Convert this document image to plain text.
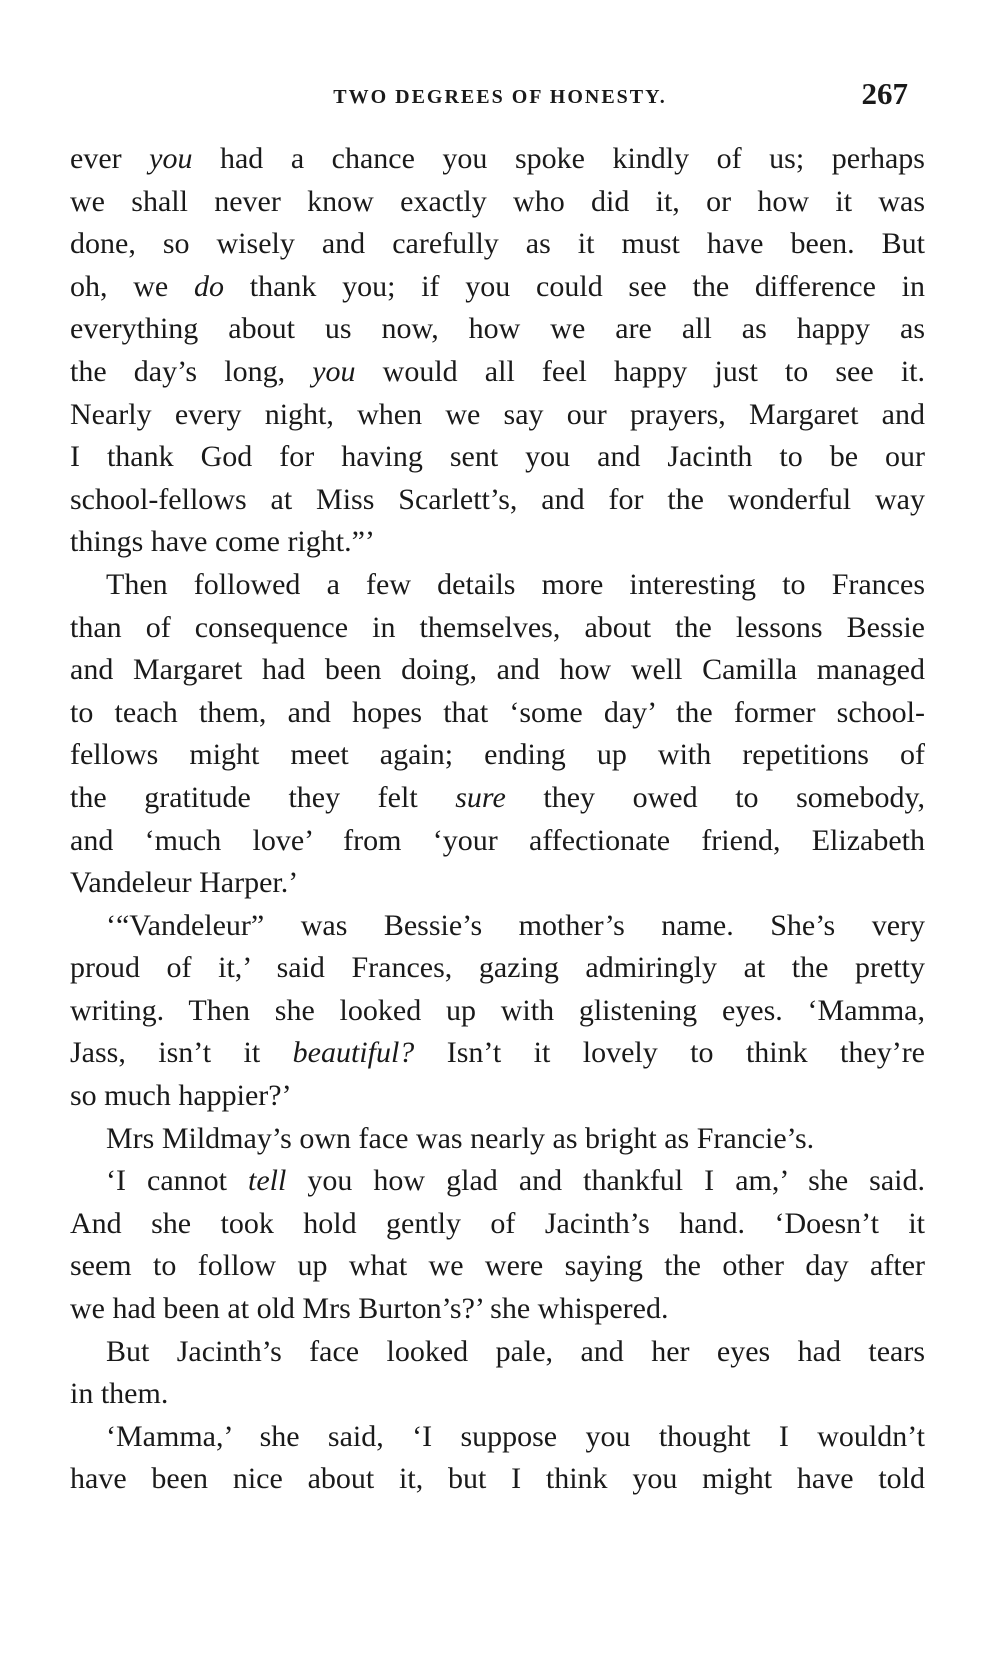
TWO DEGREES OF HONESTY.	267
ever you had a chance you spoke kindly of us; perhaps
we shall never know exactly who did it, or how it was
done, so wisely and carefully as it must have been. But
oh, we do thank you; if you could see the difference in
everything about us now, how we are all as happy as
the day’s long, you would all feel happy just to see it.
Nearly every night, when we say our prayers, Margaret and
I thank God for having sent you and Jacinth to be our
school-fellows at Miss Scarlett’s, and for the wonderful way
things have come right.”’
Then followed a few details more interesting to Frances
than of consequence in themselves, about the lessons Bessie
and Margaret had been doing, and how well Camilla managed
to teach them, and hopes that ‘some day’ the former school-
fellows might meet again; ending up with repetitions of
the gratitude they felt sure they owed to somebody,
and ‘much love’ from ‘your affectionate friend, Elizabeth
Vandeleur Harper.’
‘“Vandeleur” was Bessie’s mother’s name. She’s very
proud of it,’ said Frances, gazing admiringly at the pretty
writing. Then she looked up with glistening eyes. ‘Mamma,
Jass, isn’t it beautiful? Isn’t it lovely to think they’re
so much happier?’
Mrs Mildmay’s own face was nearly as bright as Francie’s.
‘I cannot tell you how glad and thankful I am,’ she said.
And she took hold gently of Jacinth’s hand. ‘Doesn’t it
seem to follow up what we were saying the other day after
we had been at old Mrs Burton’s?’ she whispered.
But Jacinth’s face looked pale, and her eyes had tears
in them.
‘Mamma,’ she said, ‘I suppose you thought I wouldn’t
have been nice about it, but I think you might have told
